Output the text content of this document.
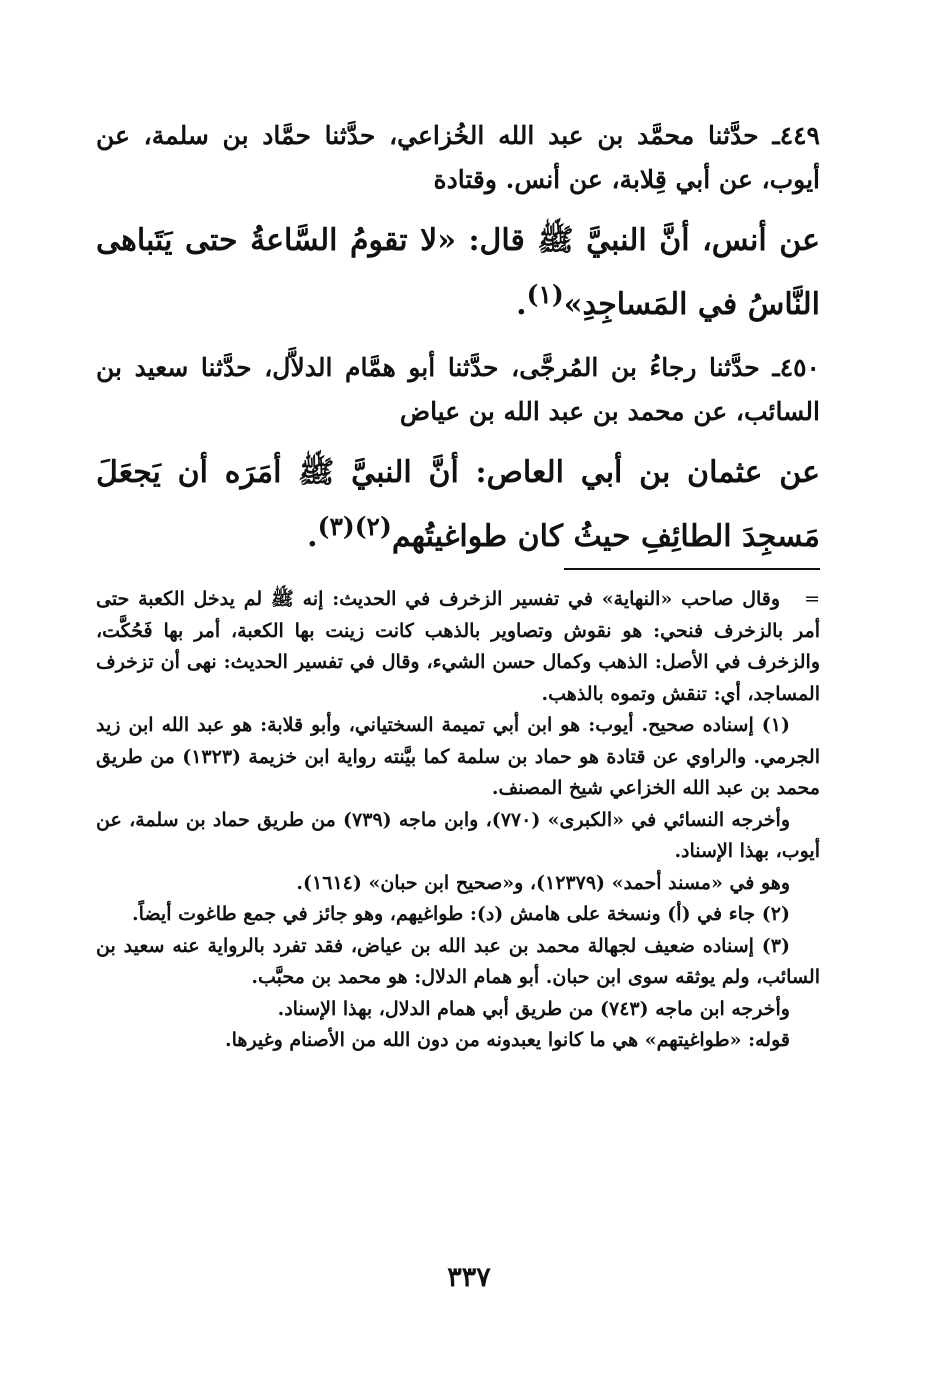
٤٤٩ـ حدَّثنا محمَّد بن عبد الله الخُزاعي، حدَّثنا حمَّاد بن سلمة، عن أيوب، عن أبي قِلابة، عن أنس. وقتادة

عن أنس، أنَّ النبيَّ ﷺ قال: «لا تقومُ السَّاعةُ حتى يَتَباهى النَّاسُ في المَساجِدِ»$^{(١)}$.

٤٥٠ـ حدَّثنا رجاءُ بن المُرجَّى، حدَّثنا أبو همَّام الدلاَّل، حدَّثنا سعيد بن السائب، عن محمد بن عبد الله بن عياض

عن عثمان بن أبي العاص: أنَّ النبيَّ ﷺ أمَرَه أن يَجعَلَ مَسجِدَ الطائِفِ حيثُ كان طواغيتُهم$^{(٢)(٣)}$.

=وقال صاحب «النهاية» في تفسير الزخرف في الحديث: إنه ﷺ لم يدخل الكعبة حتى أمر بالزخرف فنحي: هو نقوش وتصاوير بالذهب كانت زينت بها الكعبة، أمر بها فَحُكَّت، والزخرف في الأصل: الذهب وكمال حسن الشيء، وقال في تفسير الحديث: نهى أن تزخرف المساجد، أي: تنقش وتموه بالذهب.

(١) إسناده صحيح. أيوب: هو ابن أبي تميمة السختياني، وأبو قلابة: هو عبد الله ابن زيد الجرمي. والراوي عن قتادة هو حماد بن سلمة كما بيَّنته رواية ابن خزيمة (١٣٢٣) من طريق محمد بن عبد الله الخزاعي شيخ المصنف.

وأخرجه النسائي في «الكبرى» (٧٧٠)، وابن ماجه (٧٣٩) من طريق حماد بن سلمة، عن أيوب، بهذا الإسناد.

وهو في «مسند أحمد» (١٢٣٧٩)، و«صحيح ابن حبان» (١٦١٤).

(٢) جاء في (أ) ونسخة على هامش (د): طواغيهم، وهو جائز في جمع طاغوت أيضاً.

(٣) إسناده ضعيف لجهالة محمد بن عبد الله بن عياض، فقد تفرد بالرواية عنه سعيد بن السائب، ولم يوثقه سوى ابن حبان. أبو همام الدلال: هو محمد بن محبَّب.

وأخرجه ابن ماجه (٧٤٣) من طريق أبي همام الدلال، بهذا الإسناد.

قوله: «طواغيتهم» هي ما كانوا يعبدونه من دون الله من الأصنام وغيرها.

٣٣٧
